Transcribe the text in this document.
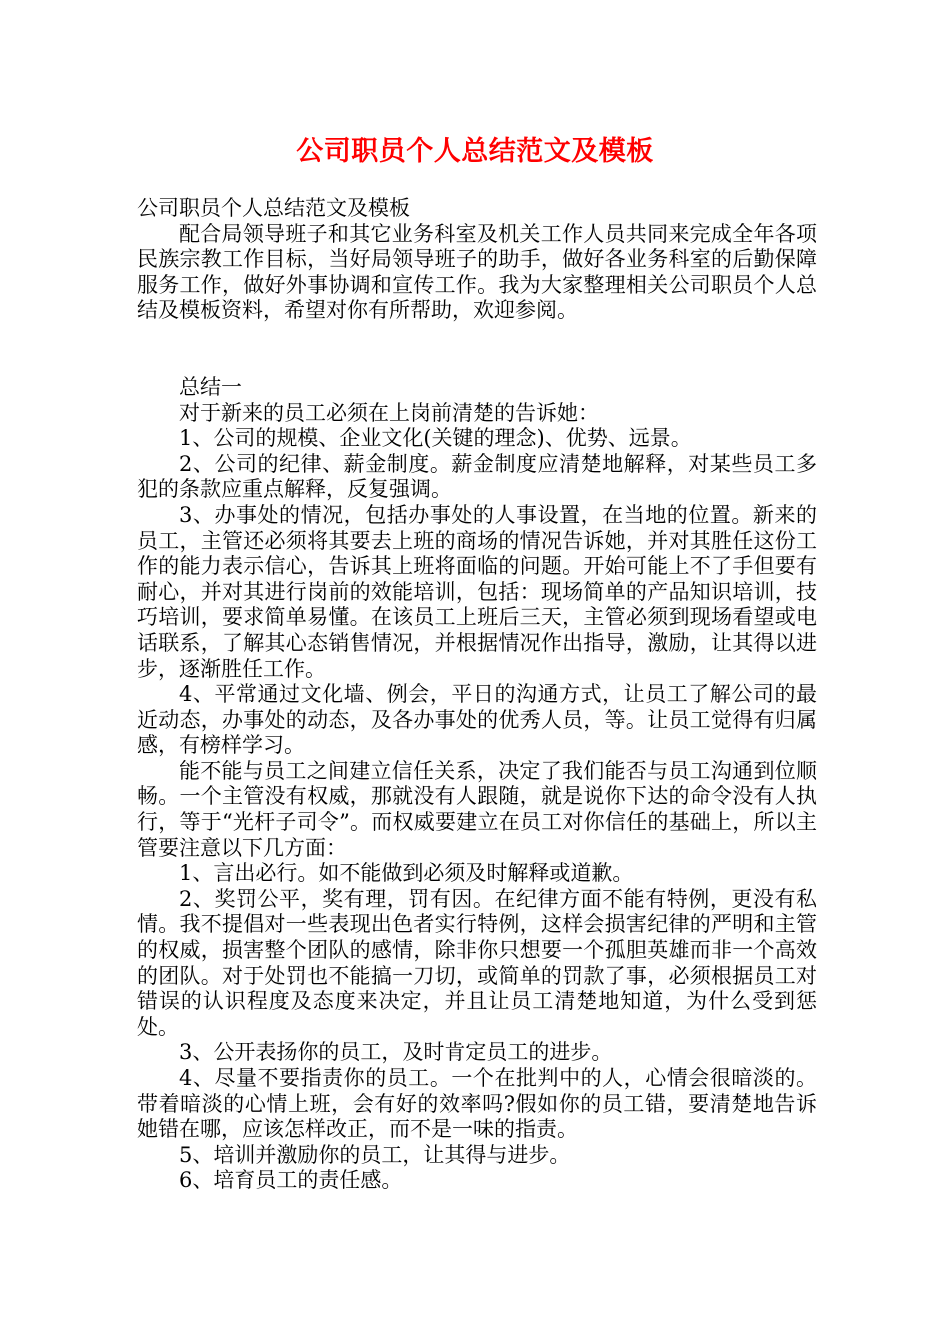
公司职员个人总结范文及模板

公司职员个人总结范文及模板

配合局领导班子和其它业务科室及机关工作人员共同来完成全年各项民族宗教工作目标，当好局领导班子的助手，做好各业务科室的后勤保障服务工作，做好外事协调和宣传工作。我为大家整理相关公司职员个人总结及模板资料，希望对你有所帮助，欢迎参阅。

总结一

对于新来的员工必须在上岗前清楚的告诉她：

1、公司的规模、企业文化(关键的理念)、优势、远景。

2、公司的纪律、薪金制度。薪金制度应清楚地解释，对某些员工多犯的条款应重点解释，反复强调。

3、办事处的情况，包括办事处的人事设置，在当地的位置。新来的员工，主管还必须将其要去上班的商场的情况告诉她，并对其胜任这份工作的能力表示信心，告诉其上班将面临的问题。开始可能上不了手但要有耐心，并对其进行岗前的效能培训，包括：现场简单的产品知识培训，技巧培训，要求简单易懂。在该员工上班后三天，主管必须到现场看望或电话联系，了解其心态销售情况，并根据情况作出指导，激励，让其得以进步，逐渐胜任工作。

4、平常通过文化墙、例会，平日的沟通方式，让员工了解公司的最近动态，办事处的动态，及各办事处的优秀人员，等。让员工觉得有归属感，有榜样学习。

能不能与员工之间建立信任关系，决定了我们能否与员工沟通到位顺畅。一个主管没有权威，那就没有人跟随，就是说你下达的命令没有人执行，等于“光杆子司令”。而权威要建立在员工对你信任的基础上，所以主管要注意以下几方面：

1、言出必行。如不能做到必须及时解释或道歉。

2、奖罚公平，奖有理，罚有因。在纪律方面不能有特例，更没有私情。我不提倡对一些表现出色者实行特例，这样会损害纪律的严明和主管的权威，损害整个团队的感情，除非你只想要一个孤胆英雄而非一个高效的团队。对于处罚也不能搞一刀切，或简单的罚款了事，必须根据员工对错误的认识程度及态度来决定，并且让员工清楚地知道，为什么受到惩处。

3、公开表扬你的员工，及时肯定员工的进步。

4、尽量不要指责你的员工。一个在批判中的人，心情会很暗淡的。带着暗淡的心情上班，会有好的效率吗?假如你的员工错，要清楚地告诉她错在哪，应该怎样改正，而不是一味的指责。

5、培训并激励你的员工，让其得与进步。

6、培育员工的责任感。
